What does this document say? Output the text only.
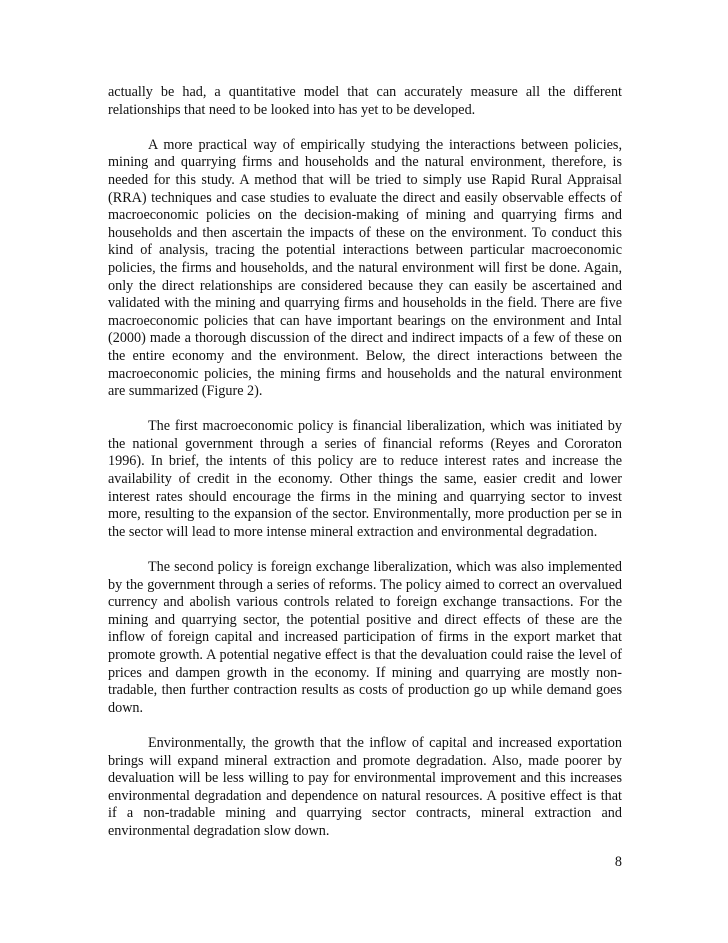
actually be had, a quantitative model that can accurately measure all the different relationships that need to be looked into has yet to be developed.

A more practical way of empirically studying the interactions between policies, mining and quarrying firms and households and the natural environment, therefore, is needed for this study. A method that will be tried to simply use Rapid Rural Appraisal (RRA) techniques and case studies to evaluate the direct and easily observable effects of macroeconomic policies on the decision-making of mining and quarrying firms and households and then ascertain the impacts of these on the environment. To conduct this kind of analysis, tracing the potential interactions between particular macroeconomic policies, the firms and households, and the natural environment will first be done. Again, only the direct relationships are considered because they can easily be ascertained and validated with the mining and quarrying firms and households in the field. There are five macroeconomic policies that can have important bearings on the environment and Intal (2000) made a thorough discussion of the direct and indirect impacts of a few of these on the entire economy and the environment. Below, the direct interactions between the macroeconomic policies, the mining firms and households and the natural environment are summarized (Figure 2).

The first macroeconomic policy is financial liberalization, which was initiated by the national government through a series of financial reforms (Reyes and Cororaton 1996). In brief, the intents of this policy are to reduce interest rates and increase the availability of credit in the economy. Other things the same, easier credit and lower interest rates should encourage the firms in the mining and quarrying sector to invest more, resulting to the expansion of the sector. Environmentally, more production per se in the sector will lead to more intense mineral extraction and environmental degradation.

The second policy is foreign exchange liberalization, which was also implemented by the government through a series of reforms. The policy aimed to correct an overvalued currency and abolish various controls related to foreign exchange transactions. For the mining and quarrying sector, the potential positive and direct effects of these are the inflow of foreign capital and increased participation of firms in the export market that promote growth. A potential negative effect is that the devaluation could raise the level of prices and dampen growth in the economy. If mining and quarrying are mostly non-tradable, then further contraction results as costs of production go up while demand goes down.

Environmentally, the growth that the inflow of capital and increased exportation brings will expand mineral extraction and promote degradation. Also, made poorer by devaluation will be less willing to pay for environmental improvement and this increases environmental degradation and dependence on natural resources. A positive effect is that if a non-tradable mining and quarrying sector contracts, mineral extraction and environmental degradation slow down.

8
